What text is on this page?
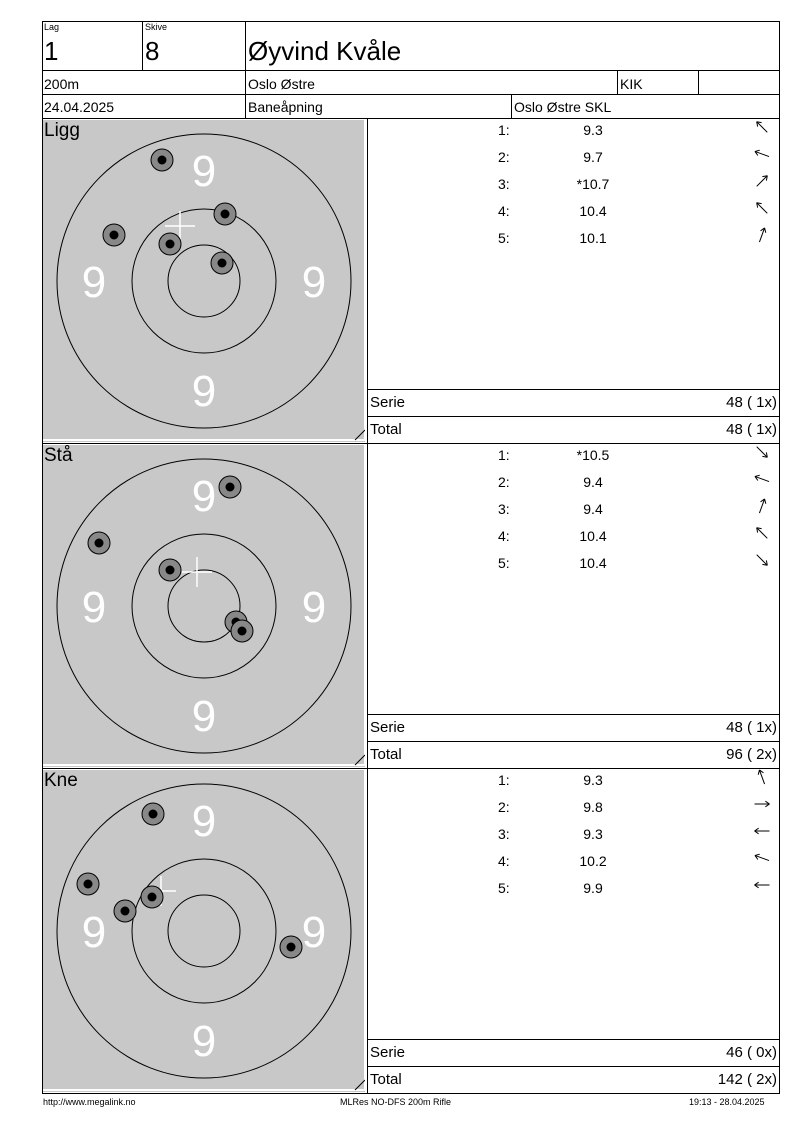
Lag
1
Skive
8	Øyvind Kvåle
200m	Oslo Østre	KIK
24.04.2025	Baneåpning	Oslo Østre SKL
9
9	9
9
Ligg	1:	9.3
2:	9.7
3:	*10.7
4:	10.4
5:	10.1
Serie	48 ( 1x)
Total	48 ( 1x)
9
9	9
9
Stå	1:	*10.5
2:	9.4
3:	9.4
4:	10.4
5:	10.4
Serie	48 ( 1x)
Total	96 ( 2x)
9
9	9
9
Kne	1:	9.3
2:	9.8
3:	9.3
4:	10.2
5:	9.9
Serie	46 ( 0x)
Total	142 ( 2x)
http://www.megalink.no	MLRes NO-DFS 200m Rifle	19:13 - 28.04.2025
